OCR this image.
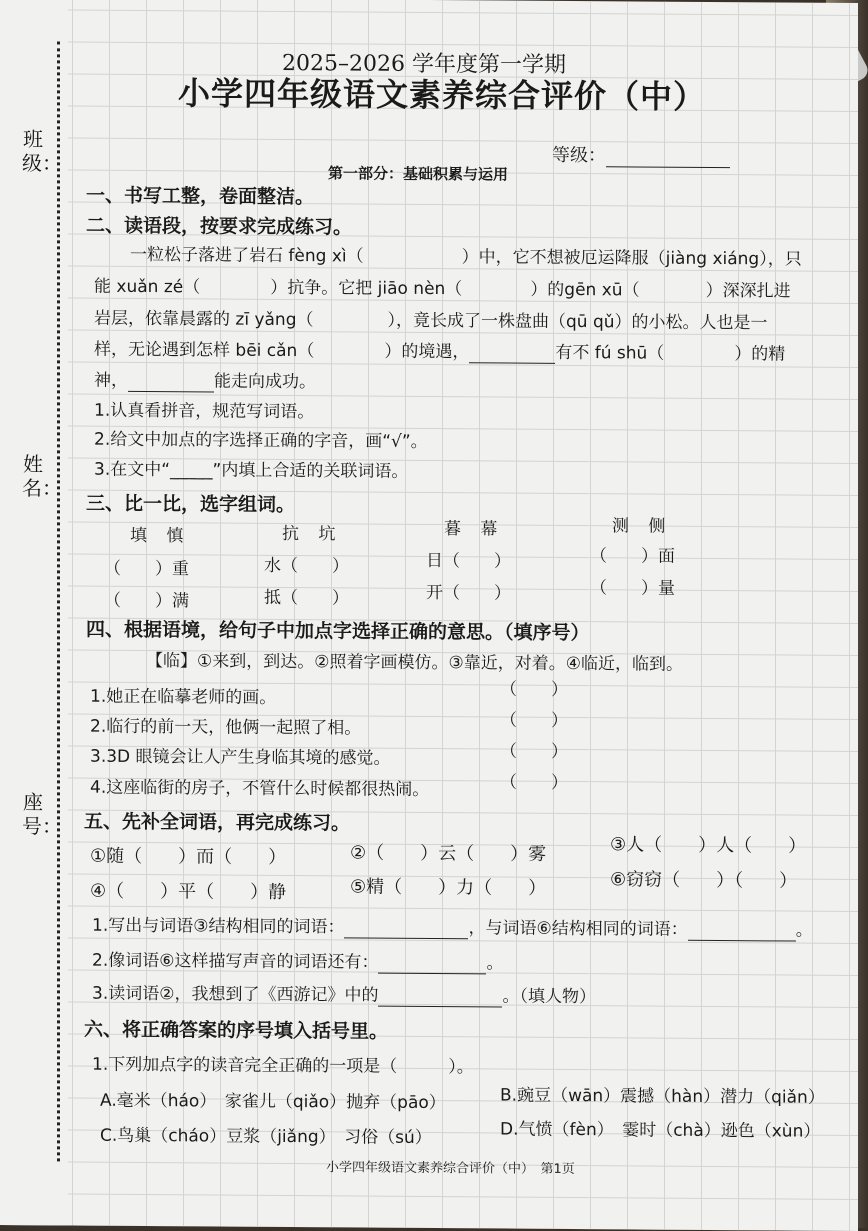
班级：
姓名：
座号：
2025–2026 学年度第一学期
小学四年级语文素养综合评价（中）
等级：
第一部分：基础积累与运用
一、书写工整，卷面整洁。
二、读语段，按要求完成练习。
一粒松子落进了岩石 fèng xì（	）中，它不想被厄运降服（jiàng xiáng），只
能 xuǎn zé（	）抗争。它把 jiāo nèn（	）的gēn xū（	）深深扎进
岩层，依靠晨露的 zī yǎng（	），竟长成了一株盘曲（qū qǔ）的小松。人也是一
样，无论遇到怎样 bēi cǎn（	）的境遇，	有不 fú shū（	）的精
神，	能走向成功。
1.认真看拼音，规范写词语。
2.给文中加点的字选择正确的字音，画“√”。
3.在文中“_____”内填上合适的关联词语。
三、比一比，选字组词。
填 慎	抗 坑	暮 幕	测 侧
（　　）重	水（　　）	日（　　）	（　　）面
（　　）满	抵（　　）	开（　　）	（　　）量
四、根据语境，给句子中加点字选择正确的意思。（填序号）
【临】①来到，到达。②照着字画模仿。③靠近，对着。④临近，临到。
1.她正在临摹老师的画。	（　　）
2.临行的前一天，他俩一起照了相。	（　　）
3.3D 眼镜会让人产生身临其境的感觉。	（　　）
4.这座临街的房子，不管什么时候都很热闹。	（　　）
五、先补全词语，再完成练习。
①随（　　）而（　　）	②（　　）云（　　）雾	③人（　　）人（　　）
④（　　）平（　　）静	⑤精（　　）力（　　）	⑥窃窃（　　）（　　）
1.写出与词语③结构相同的词语：	，与词语⑥结构相同的词语：	。
2.像词语⑥这样描写声音的词语还有：	。
3.读词语②，我想到了《西游记》中的	。（填人物）
六、将正确答案的序号填入括号里。
1.下列加点字的读音完全正确的一项是（　　　）。
A.毫米（háo）　家雀儿（qiǎo）抛弃（pāo）	B.豌豆（wān）震撼（hàn）潜力（qiǎn）
C.鸟巢（cháo）豆浆（jiǎng）　习俗（sú）	D.气愤（fèn）　霎时（chà）逊色（xùn）
小学四年级语文素养综合评价（中）　第1页
